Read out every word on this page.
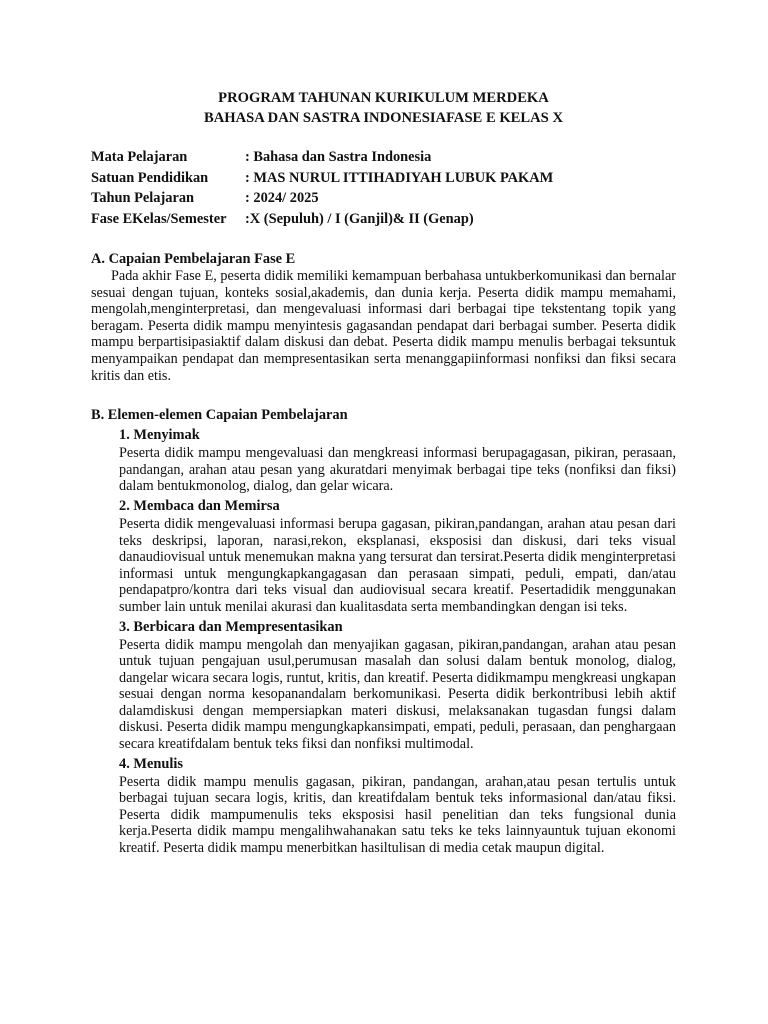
PROGRAM TAHUNAN KURIKULUM MERDEKA

BAHASA DAN SASTRA INDONESIAFASE E KELAS X

Mata Pelajaran	: Bahasa dan Sastra Indonesia
Satuan Pendidikan	: MAS NURUL ITTIHADIYAH LUBUK PAKAM
Tahun Pelajaran	: 2024/ 2025
Fase EKelas/Semester	:X (Sepuluh) / I (Ganjil)& II (Genap)

A. Capaian Pembelajaran Fase E

Pada akhir Fase E, peserta didik memiliki kemampuan berbahasa untukberkomunikasi dan bernalar sesuai dengan tujuan, konteks sosial,akademis, dan dunia kerja. Peserta didik mampu memahami, mengolah,menginterpretasi, dan mengevaluasi informasi dari berbagai tipe tekstentang topik yang beragam. Peserta didik mampu menyintesis gagasandan pendapat dari berbagai sumber. Peserta didik mampu berpartisipasiaktif dalam diskusi dan debat. Peserta didik mampu menulis berbagai teksuntuk menyampaikan pendapat dan mempresentasikan serta menanggapiinformasi nonfiksi dan fiksi secara kritis dan etis.

B. Elemen-elemen Capaian Pembelajaran

1. Menyimak

Peserta didik mampu mengevaluasi dan mengkreasi informasi berupagagasan, pikiran, perasaan, pandangan, arahan atau pesan yang akuratdari menyimak berbagai tipe teks (nonfiksi dan fiksi) dalam bentukmonolog, dialog, dan gelar wicara.

2. Membaca dan Memirsa

Peserta didik mengevaluasi informasi berupa gagasan, pikiran,pandangan, arahan atau pesan dari teks deskripsi, laporan, narasi,rekon, eksplanasi, eksposisi dan diskusi, dari teks visual danaudiovisual untuk menemukan makna yang tersurat dan tersirat.Peserta didik menginterpretasi informasi untuk mengungkapkangagasan dan perasaan simpati, peduli, empati, dan/atau pendapatpro/kontra dari teks visual dan audiovisual secara kreatif. Pesertadidik menggunakan sumber lain untuk menilai akurasi dan kualitasdata serta membandingkan dengan isi teks.

3. Berbicara dan Mempresentasikan

Peserta didik mampu mengolah dan menyajikan gagasan, pikiran,pandangan, arahan atau pesan untuk tujuan pengajuan usul,perumusan masalah dan solusi dalam bentuk monolog, dialog, dangelar wicara secara logis, runtut, kritis, dan kreatif. Peserta didikmampu mengkreasi ungkapan sesuai dengan norma kesopanandalam berkomunikasi. Peserta didik berkontribusi lebih aktif dalamdiskusi dengan mempersiapkan materi diskusi, melaksanakan tugasdan fungsi dalam diskusi. Peserta didik mampu mengungkapkansimpati, empati, peduli, perasaan, dan penghargaan secara kreatifdalam bentuk teks fiksi dan nonfiksi multimodal.

4. Menulis

Peserta didik mampu menulis gagasan, pikiran, pandangan, arahan,atau pesan tertulis untuk berbagai tujuan secara logis, kritis, dan kreatifdalam bentuk teks informasional dan/atau fiksi. Peserta didik mampumenulis teks eksposisi hasil penelitian dan teks fungsional dunia kerja.Peserta didik mampu mengalihwahanakan satu teks ke teks lainnyauntuk tujuan ekonomi kreatif. Peserta didik mampu menerbitkan hasiltulisan di media cetak maupun digital.
